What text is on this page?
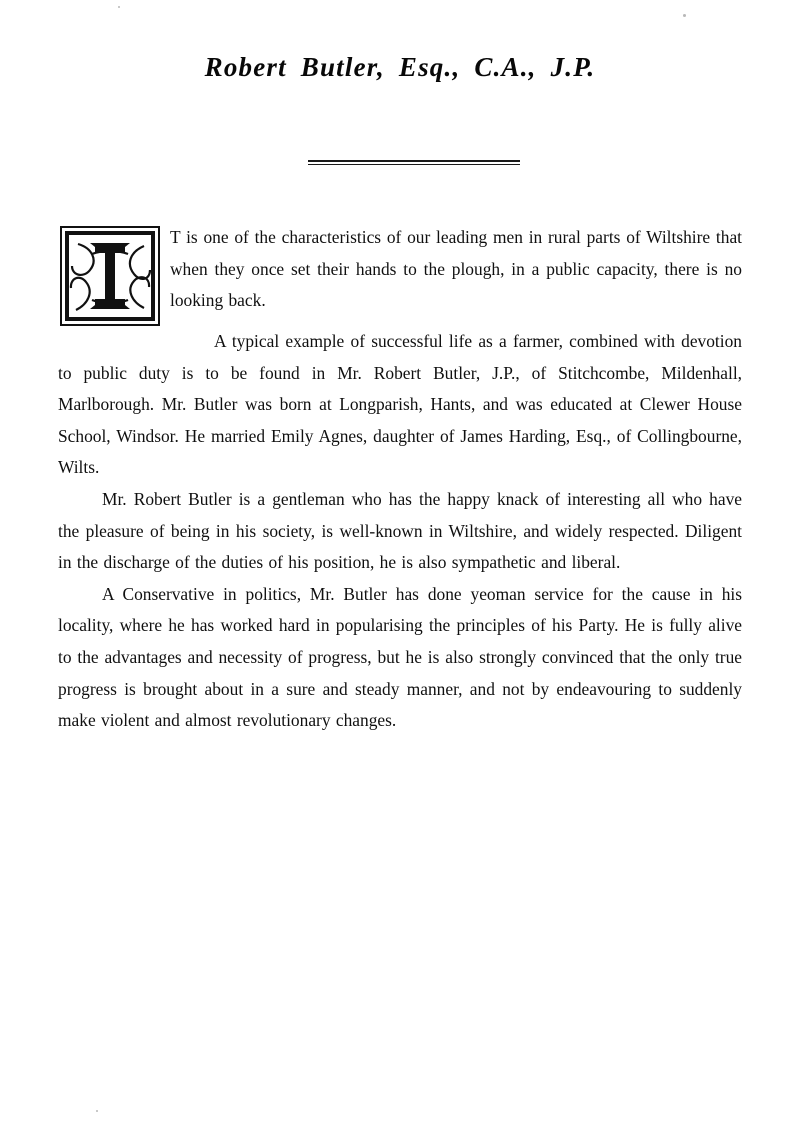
Robert Butler, Esq., C.A., J.P.

T is one of the characteristics of our leading men in rural parts of Wiltshire that when they once set their hands to the plough, in a public capacity, there is no looking back.

A typical example of successful life as a farmer, combined with devotion to public duty is to be found in Mr. Robert Butler, J.P., of Stitchcombe, Mildenhall, Marlborough. Mr. Butler was born at Longparish, Hants, and was educated at Clewer House School, Windsor. He married Emily Agnes, daughter of James Harding, Esq., of Collingbourne, Wilts.

Mr. Robert Butler is a gentleman who has the happy knack of interesting all who have the pleasure of being in his society, is well-known in Wiltshire, and widely respected. Diligent in the discharge of the duties of his position, he is also sympathetic and liberal.

A Conservative in politics, Mr. Butler has done yeoman service for the cause in his locality, where he has worked hard in popularising the principles of his Party. He is fully alive to the advantages and necessity of progress, but he is also strongly convinced that the only true progress is brought about in a sure and steady manner, and not by endeavouring to suddenly make violent and almost revolutionary changes.
